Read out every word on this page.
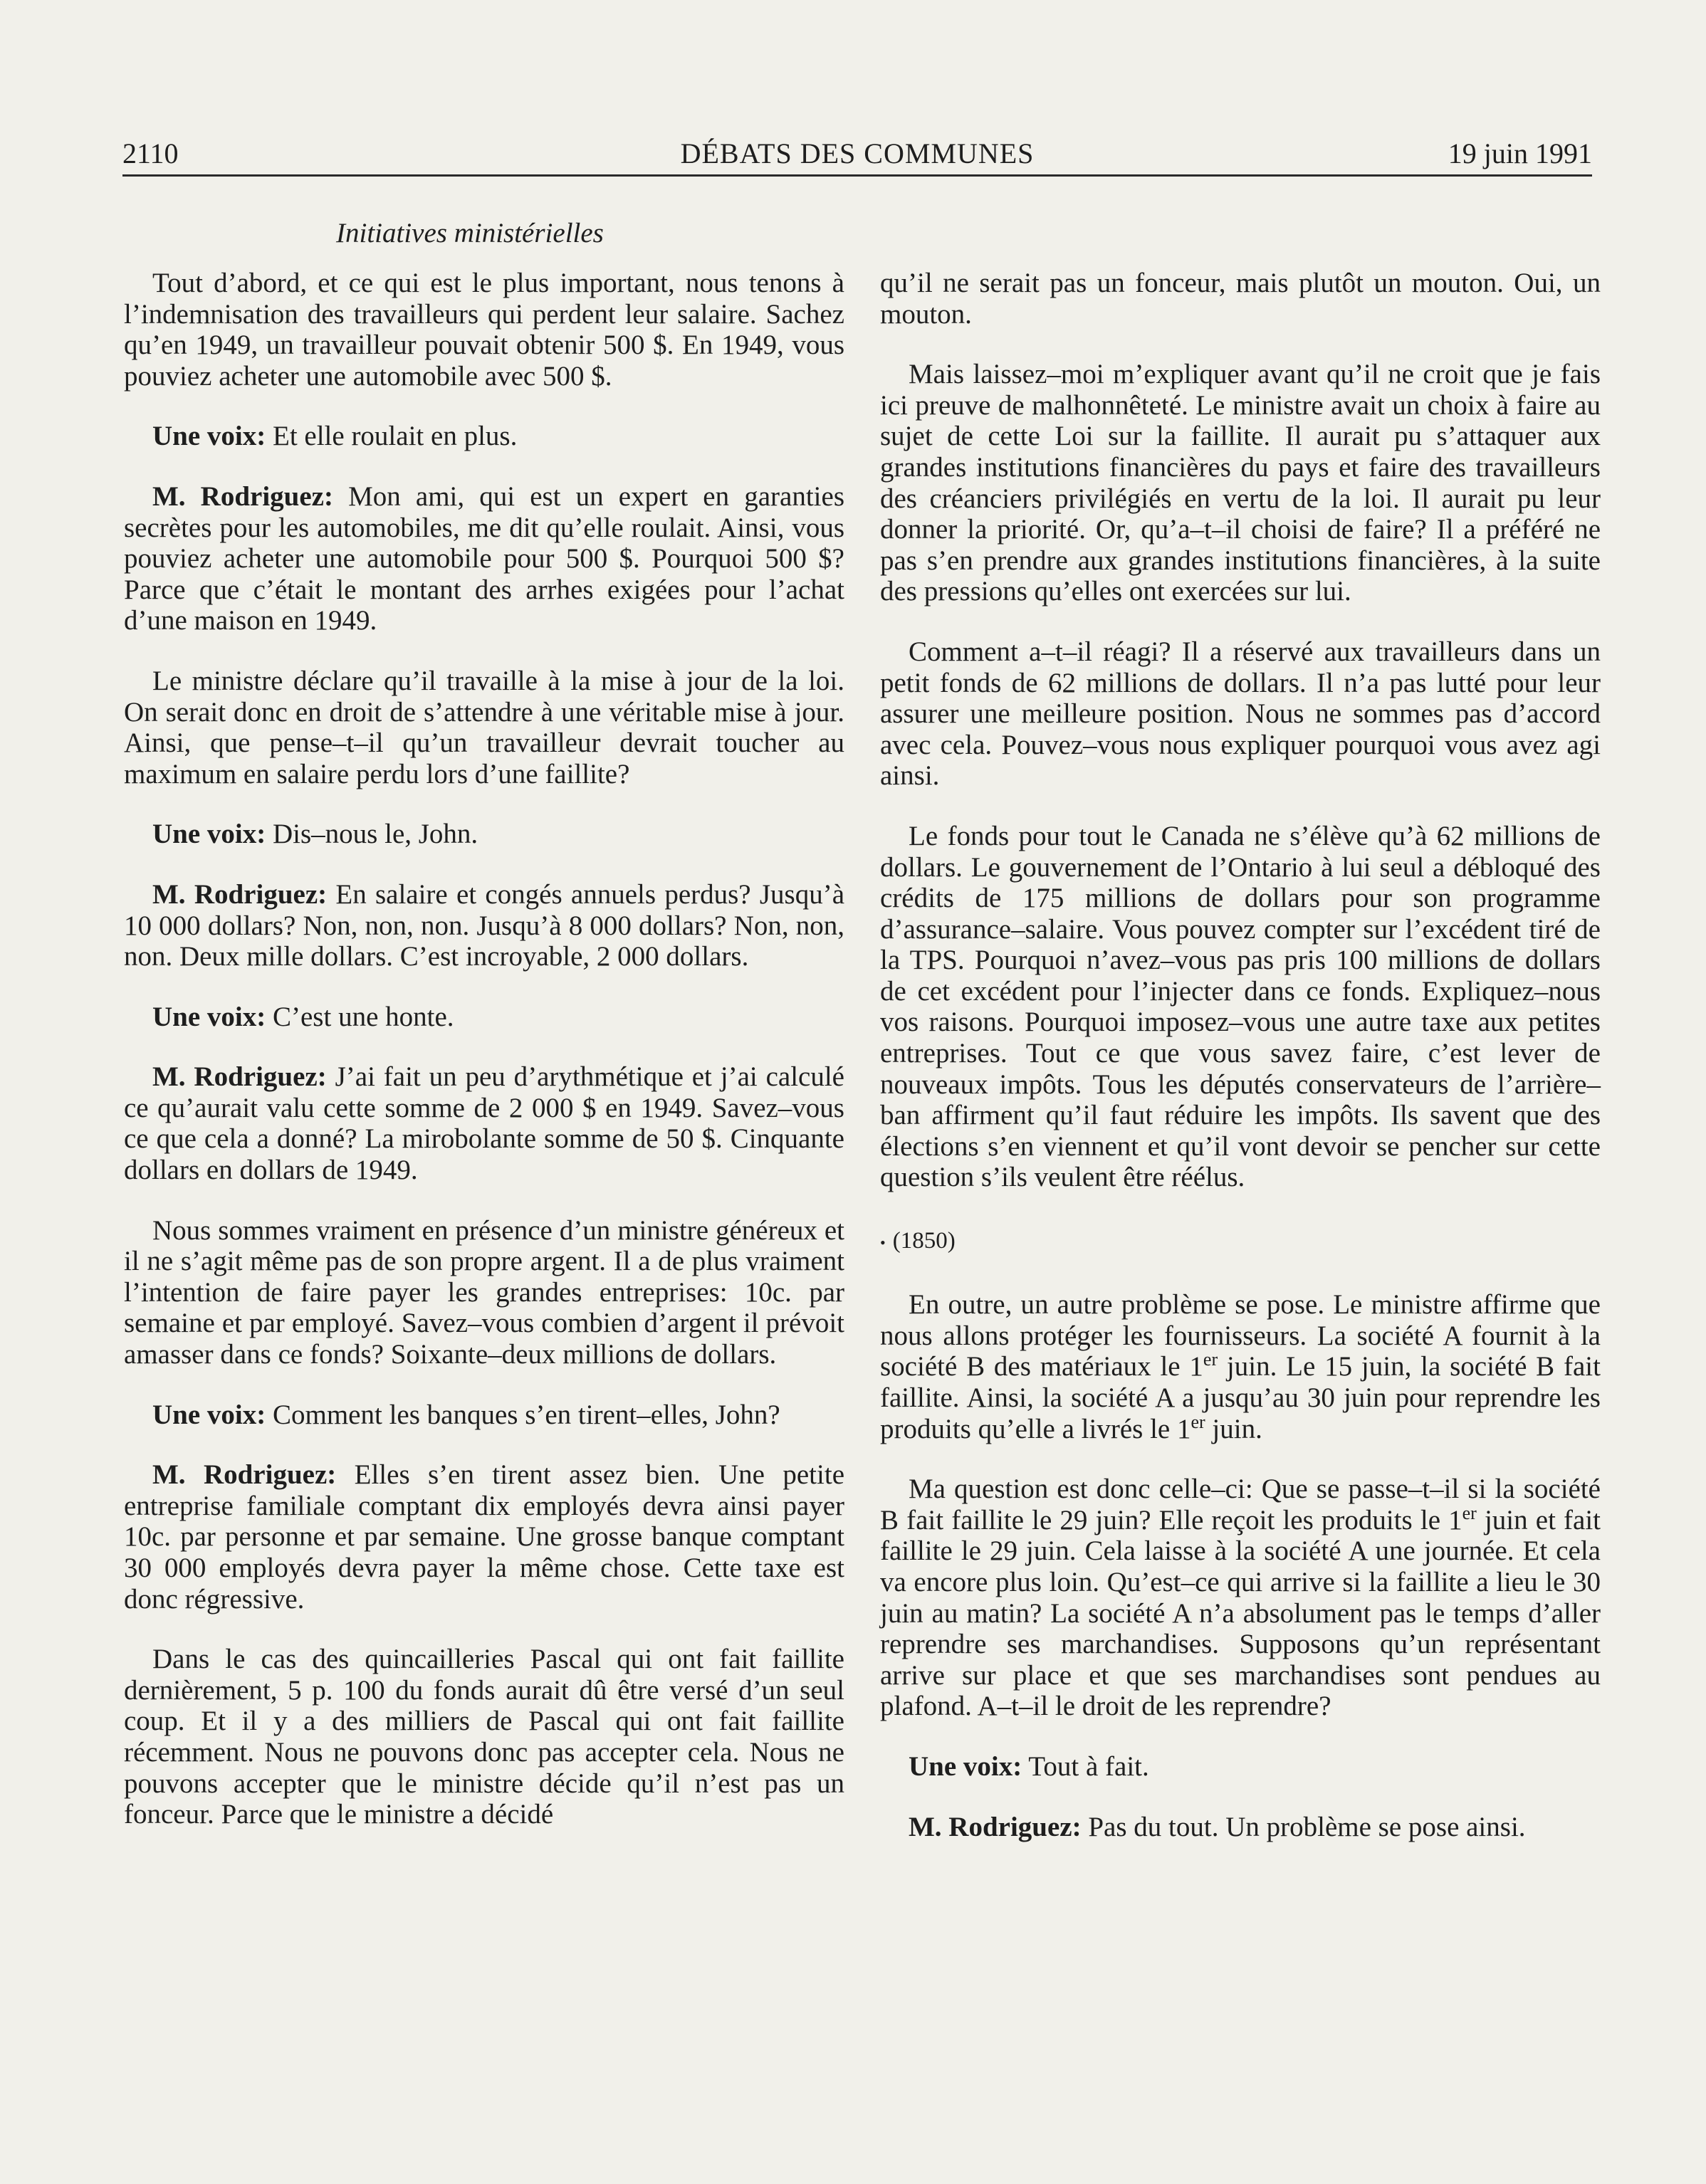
2110	DÉBATS DES COMMUNES	19 juin 1991
Initiatives ministérielles

Tout d’abord, et ce qui est le plus important, nous tenons à l’indemnisation des travailleurs qui perdent leur salaire. Sachez qu’en 1949, un travailleur pouvait obtenir 500 $. En 1949, vous pouviez acheter une automobile avec 500 $.

Une voix: Et elle roulait en plus.

M. Rodriguez: Mon ami, qui est un expert en garanties secrètes pour les automobiles, me dit qu’elle roulait. Ainsi, vous pouviez acheter une automobile pour 500 $. Pourquoi 500 $? Parce que c’était le montant des arrhes exigées pour l’achat d’une maison en 1949.

Le ministre déclare qu’il travaille à la mise à jour de la loi. On serait donc en droit de s’attendre à une véritable mise à jour. Ainsi, que pense–t–il qu’un travailleur devrait toucher au maximum en salaire perdu lors d’une faillite?

Une voix: Dis–nous le, John.

M. Rodriguez: En salaire et congés annuels perdus? Jusqu’à 10 000 dollars? Non, non, non. Jusqu’à 8 000 dollars? Non, non, non. Deux mille dollars. C’est incroyable, 2 000 dollars.

Une voix: C’est une honte.

M. Rodriguez: J’ai fait un peu d’arythmétique et j’ai calculé ce qu’aurait valu cette somme de 2 000 $ en 1949. Savez–vous ce que cela a donné? La mirobolante somme de 50 $. Cinquante dollars en dollars de 1949.

Nous sommes vraiment en présence d’un ministre généreux et il ne s’agit même pas de son propre argent. Il a de plus vraiment l’intention de faire payer les grandes entreprises: 10c. par semaine et par employé. Savez–vous combien d’argent il prévoit amasser dans ce fonds? Soixante–deux millions de dollars.

Une voix: Comment les banques s’en tirent–elles, John?

M. Rodriguez: Elles s’en tirent assez bien. Une petite entreprise familiale comptant dix employés devra ainsi payer 10c. par personne et par semaine. Une grosse banque comptant 30 000 employés devra payer la même chose. Cette taxe est donc régressive.

Dans le cas des quincailleries Pascal qui ont fait faillite dernièrement, 5 p. 100 du fonds aurait dû être versé d’un seul coup. Et il y a des milliers de Pascal qui ont fait faillite récemment. Nous ne pouvons donc pas accepter cela. Nous ne pouvons accepter que le ministre décide qu’il n’est pas un fonceur. Parce que le ministre a décidé

qu’il ne serait pas un fonceur, mais plutôt un mouton. Oui, un mouton.

Mais laissez–moi m’expliquer avant qu’il ne croit que je fais ici preuve de malhonnêteté. Le ministre avait un choix à faire au sujet de cette Loi sur la faillite. Il aurait pu s’attaquer aux grandes institutions financières du pays et faire des travailleurs des créanciers privilégiés en vertu de la loi. Il aurait pu leur donner la priorité. Or, qu’a–t–il choisi de faire? Il a préféré ne pas s’en prendre aux grandes institutions financières, à la suite des pressions qu’elles ont exercées sur lui.

Comment a–t–il réagi? Il a réservé aux travailleurs dans un petit fonds de 62 millions de dollars. Il n’a pas lutté pour leur assurer une meilleure position. Nous ne sommes pas d’accord avec cela. Pouvez–vous nous expliquer pourquoi vous avez agi ainsi.

Le fonds pour tout le Canada ne s’élève qu’à 62 millions de dollars. Le gouvernement de l’Ontario à lui seul a débloqué des crédits de 175 millions de dollars pour son programme d’assurance–salaire. Vous pouvez compter sur l’excédent tiré de la TPS. Pourquoi n’avez–vous pas pris 100 millions de dollars de cet excédent pour l’injecter dans ce fonds. Expliquez–nous vos raisons. Pourquoi imposez–vous une autre taxe aux petites entreprises. Tout ce que vous savez faire, c’est lever de nouveaux impôts. Tous les députés conservateurs de l’arrière–ban affirment qu’il faut réduire les impôts. Ils savent que des élections s’en viennent et qu’il vont devoir se pencher sur cette question s’ils veulent être réélus.

• (1850)

En outre, un autre problème se pose. Le ministre affirme que nous allons protéger les fournisseurs. La société A fournit à la société B des matériaux le 1er juin. Le 15 juin, la société B fait faillite. Ainsi, la société A a jusqu’au 30 juin pour reprendre les produits qu’elle a livrés le 1er juin.

Ma question est donc celle–ci: Que se passe–t–il si la société B fait faillite le 29 juin? Elle reçoit les produits le 1er juin et fait faillite le 29 juin. Cela laisse à la société A une journée. Et cela va encore plus loin. Qu’est–ce qui arrive si la faillite a lieu le 30 juin au matin? La société A n’a absolument pas le temps d’aller reprendre ses marchandises. Supposons qu’un représentant arrive sur place et que ses marchandises sont pendues au plafond. A–t–il le droit de les reprendre?

Une voix: Tout à fait.

M. Rodriguez: Pas du tout. Un problème se pose ainsi.
